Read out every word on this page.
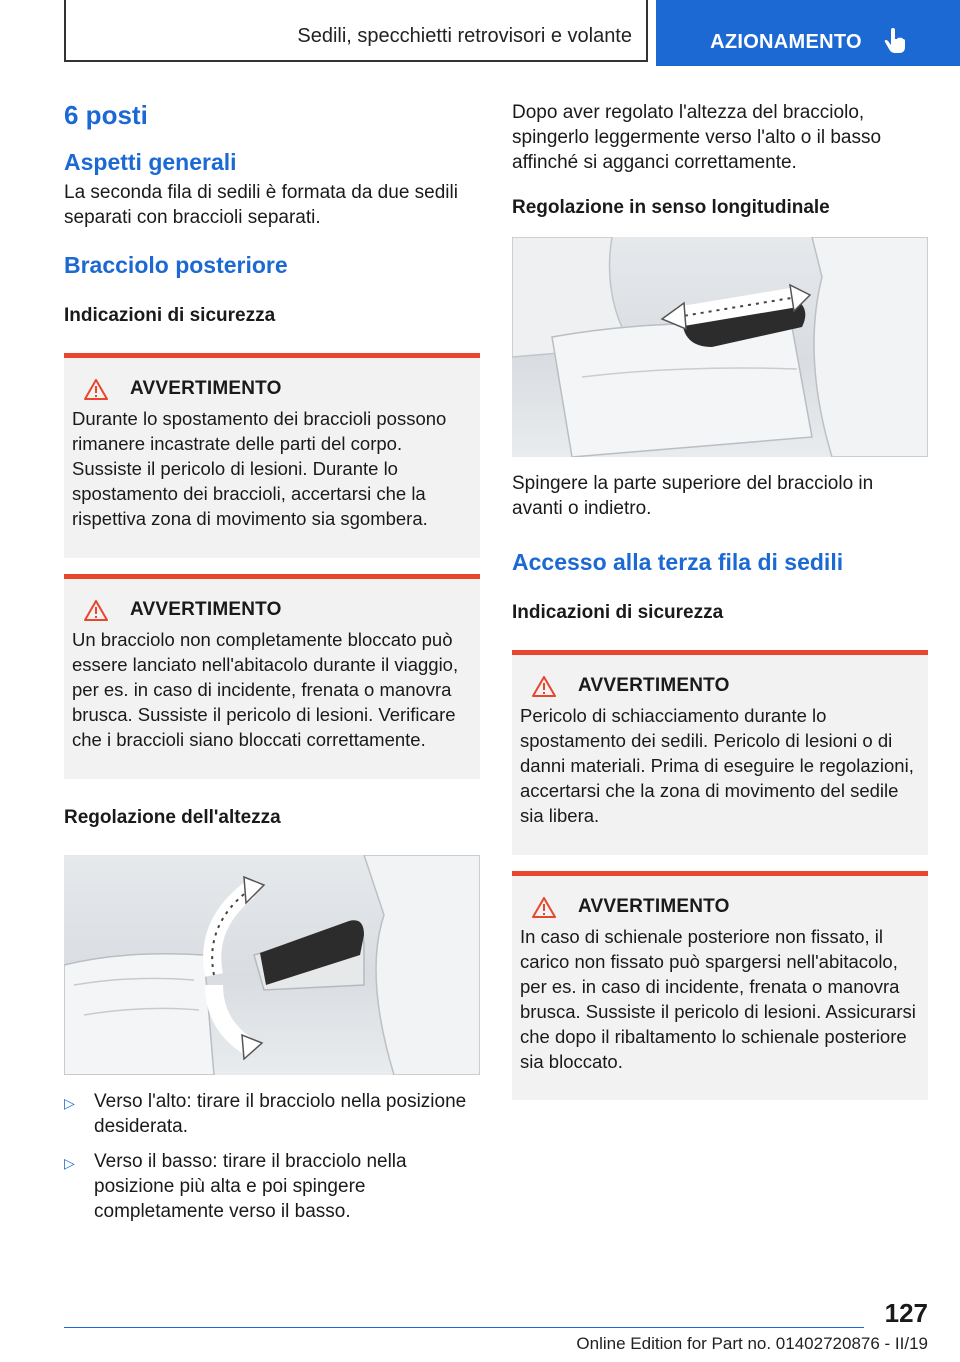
Sedili, specchietti retrovisori e volante	AZIONAMENTO
6 posti
Aspetti generali

La seconda fila di sedili è formata da due sedili separati con braccioli separati.

Bracciolo posteriore
Indicazioni di sicurezza
AVVERTIMENTO
Durante lo spostamento dei braccioli possono rimanere incastrate delle parti del corpo. Sussiste il pericolo di lesioni. Durante lo spostamento dei braccioli, accertarsi che la rispettiva zona di movimento sia sgombera.
AVVERTIMENTO
Un bracciolo non completamente bloccato può essere lanciato nell'abitacolo durante il viaggio, per es. in caso di incidente, frenata o manovra brusca. Sussiste il pericolo di lesioni. Verificare che i braccioli siano bloccati correttamente.
Regolazione dell'altezza
▷	Verso l'alto: tirare il bracciolo nella posizione desiderata.
▷	Verso il basso: tirare il bracciolo nella posizione più alta e poi spingere completamente verso il basso.

Dopo aver regolato l'altezza del bracciolo, spingerlo leggermente verso l'alto o il basso affinché si agganci correttamente.

Regolazione in senso longitudinale

Spingere la parte superiore del bracciolo in avanti o indietro.

Accesso alla terza fila di sedili
Indicazioni di sicurezza
AVVERTIMENTO
Pericolo di schiacciamento durante lo spostamento dei sedili. Pericolo di lesioni o di danni materiali. Prima di eseguire le regolazioni, accertarsi che la zona di movimento del sedile sia libera.
AVVERTIMENTO
In caso di schienale posteriore non fissato, il carico non fissato può spargersi nell'abitacolo, per es. in caso di incidente, frenata o manovra brusca. Sussiste il pericolo di lesioni. Assicurarsi che dopo il ribaltamento lo schienale posteriore sia bloccato.
127
Online Edition for Part no. 01402720876 - II/19
